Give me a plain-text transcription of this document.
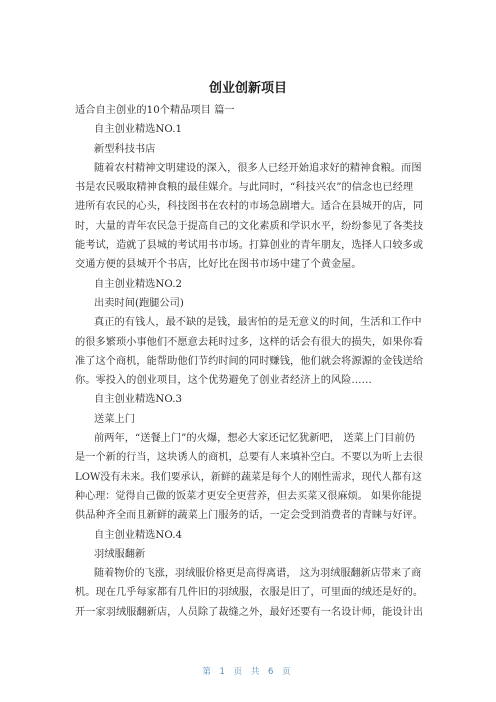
创业创新项目
适合自主创业的10个精品项目 篇一
自主创业精选NO.1
新型科技书店
随着农村精神文明建设的深入，很多人已经开始追求好的精神食粮。而图
书是农民吸取精神食粮的最佳媒介。与此同时，“科技兴农”的信念也已经理
进所有农民的心头，科技图书在农村的市场急剧增大。适合在县城开的店，同
时，大量的青年农民急于提高自己的文化素质和学识水平，纷纷参见了各类技
能考试，造就了县城的考试用书市场。打算创业的青年朋友，选择人口较多或
交通方便的县城开个书店，比好比在图书市场中建了个黄金屋。
自主创业精选NO.2
出卖时间(跑腿公司)
真正的有钱人，最不缺的是钱，最害怕的是无意义的时间，生活和工作中
的很多繁琐小事他们不愿意去耗时过多，这样的话会有很大的损失，如果你看
准了这个商机，能帮助他们节约时间的同时赚钱，他们就会将源源的金钱送给
你。零投入的创业项目，这个优势避免了创业者经济上的风险……
自主创业精选NO.3
送菜上门
前两年，“送餐上门”的火爆，想必大家还记忆犹新吧， 送菜上门目前仍
是一个新的行当，这块诱人的商机，总要有人来填补空白。不要以为听上去很
LOW没有未来。我们要承认，新鲜的蔬菜是每个人的刚性需求，现代人都有这
种心理：觉得自己做的饭菜才更安全更营养，但去买菜又很麻烦。 如果你能提
供品种齐全而且新鲜的蔬菜上门服务的话，一定会受到消费者的青睐与好评。
自主创业精选NO.4
羽绒服翻新
随着物价的飞涨，羽绒服价格更是高得离谱， 这为羽绒服翻新店带来了商
机。现在几乎每家都有几件旧的羽绒服，衣服是旧了，可里面的绒还是好的。
开一家羽绒服翻新店，人员除了裁缝之外，最好还要有一名设计师，能设计出
第 1 页 共 6 页
